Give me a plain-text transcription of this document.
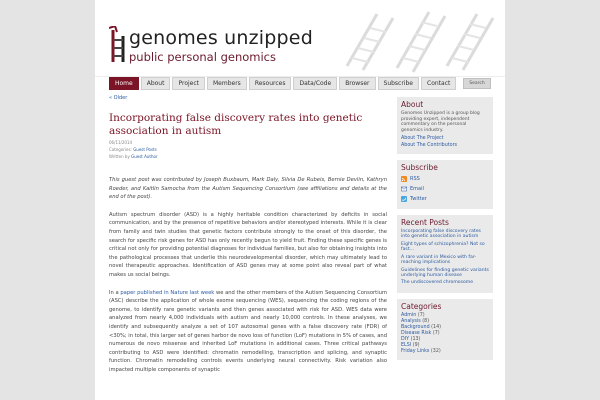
genomes unzipped
public personal genomics
Home	About	Project	Members	Resources	Data/Code	Browser	Subscribe	Contact	Search
« Older
Incorporating false discovery rates into genetic association in autism
06/11/2014
Categories: Guest Posts
Written by Guest Author

This guest post was contributed by Joseph Buxbaum, Mark Daly, Silvia De Rubeis, Bernie Devlin, Kathryn Roeder, and Kaitlin Samocha from the Autism Sequencing Consortium (see affiliations and details at the end of the post).

Autism spectrum disorder (ASD) is a highly heritable condition characterized by deficits in social communication, and by the presence of repetitive behaviors and/or stereotyped interests. While it is clear from family and twin studies that genetic factors contribute strongly to the onset of this disorder, the search for specific risk genes for ASD has only recently begun to yield fruit. Finding these specific genes is critical not only for providing potential diagnoses for individual families, but also for obtaining insights into the pathological processes that underlie this neurodevelopmental disorder, which may ultimately lead to novel therapeutic approaches. Identification of ASD genes may at some point also reveal part of what makes us social beings.

In a paper published in Nature last week we and the other members of the Autism Sequencing Consortium (ASC) describe the application of whole exome sequencing (WES), sequencing the coding regions of the genome, to identify rare genetic variants and then genes associated with risk for ASD. WES data were analyzed from nearly 4,000 individuals with autism and nearly 10,000 controls. In these analyses, we identify and subsequently analyze a set of 107 autosomal genes with a false discovery rate (FDR) of <30%; in total, this larger set of genes harbor de novo loss of function (LoF) mutations in 5% of cases, and numerous de novo missense and inherited LoF mutations in additional cases. Three critical pathways contributing to ASD were identified: chromatin remodelling, transcription and splicing, and synaptic function. Chromatin remodelling controls events underlying neural connectivity. Risk variation also impacted multiple components of synaptic

About
Genomes Unzipped is a group blog providing expert, independent commentary on the personal genomics industry.
About The Project
About The Contributors
Subscribe
RSS
Email
Twitter
Recent Posts
Incorporating false discovery rates into genetic association in autism
Eight types of schizophrenia? Not so fast...
A rare variant in Mexico with far-reaching implications
Guidelines for finding genetic variants underlying human disease
The undiscovered chromosome
Categories
Admin (7)
Analysis (8)
Background (14)
Disease Risk (7)
DIY (13)
ELSI (9)
Friday Links (32)
